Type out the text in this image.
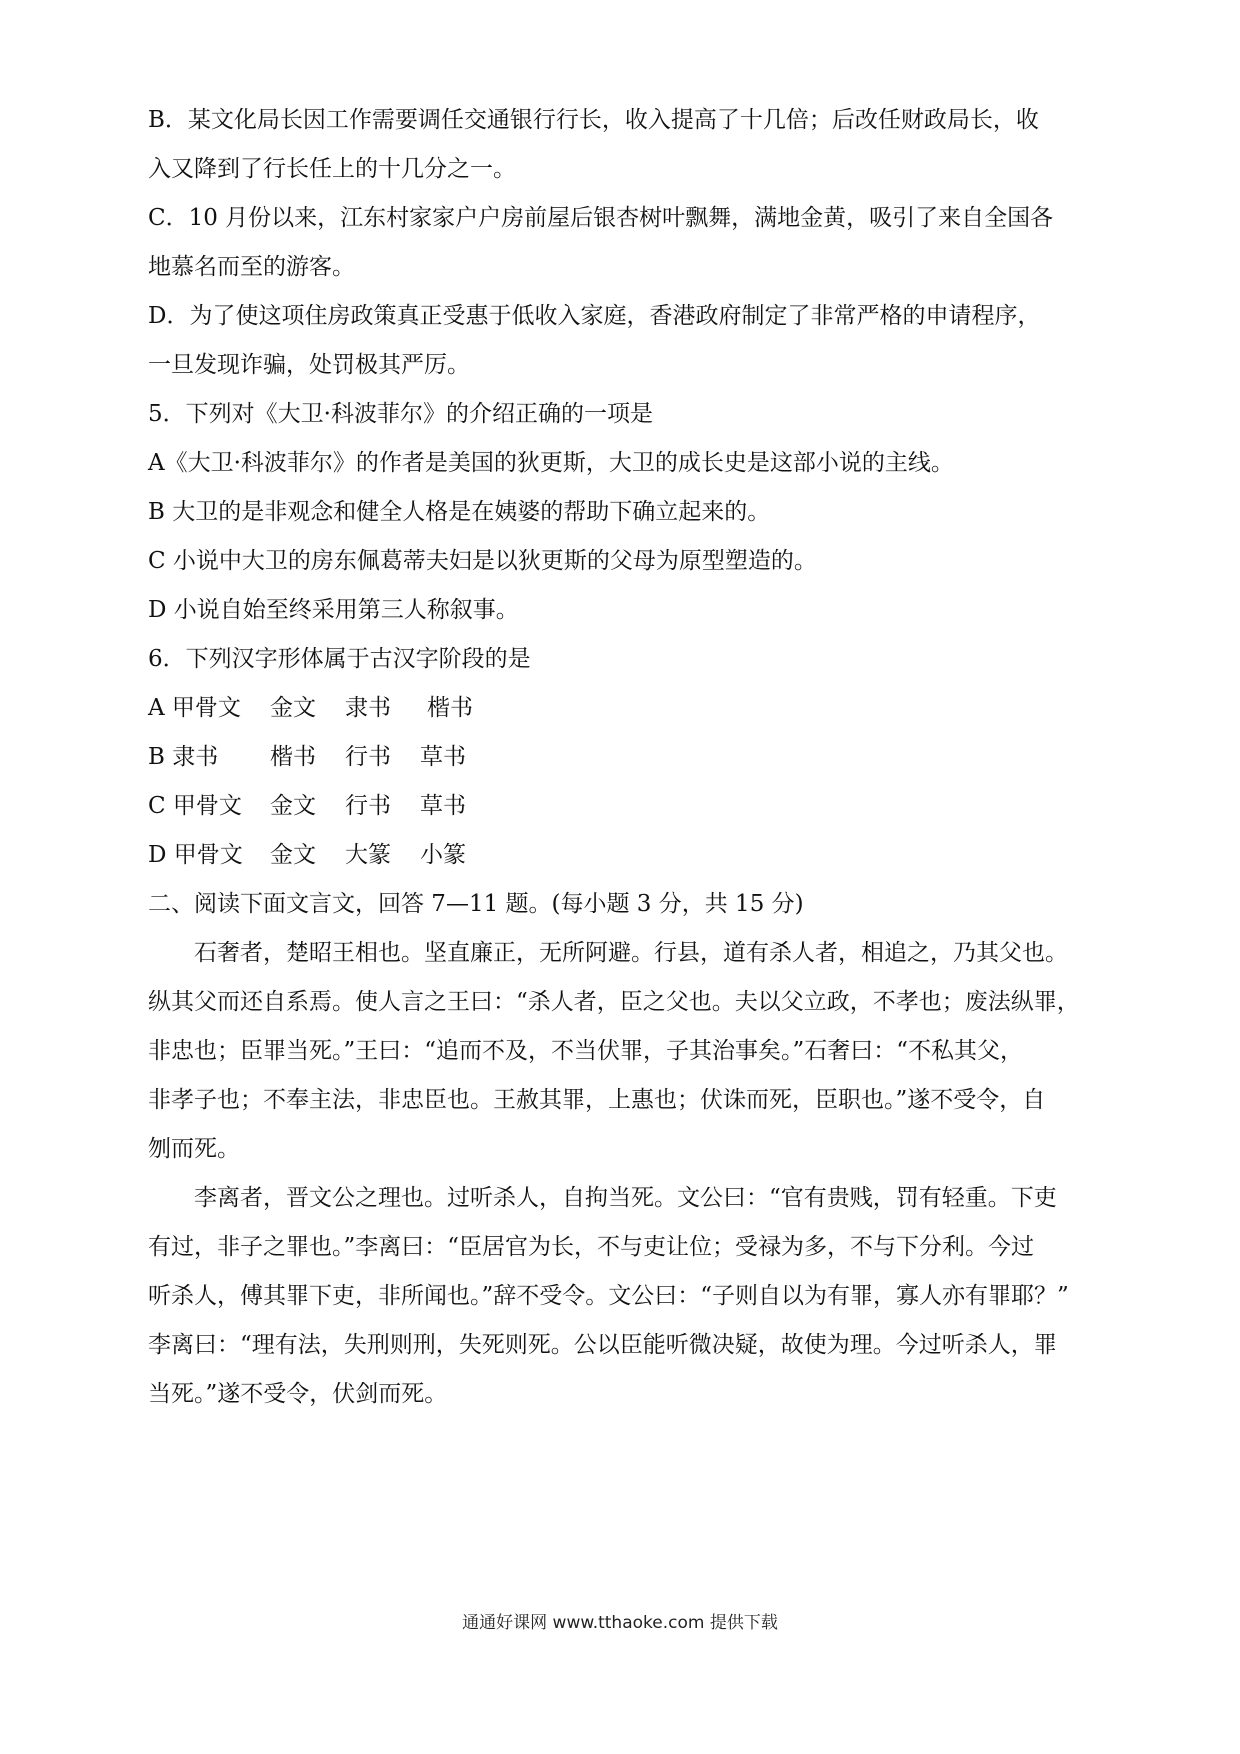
B．某文化局长因工作需要调任交通银行行长，收入提高了十几倍；后改任财政局长，收
入又降到了行长任上的十几分之一。
C．10 月份以来，江东村家家户户房前屋后银杏树叶飘舞，满地金黄，吸引了来自全国各
地慕名而至的游客。
D．为了使这项住房政策真正受惠于低收入家庭，香港政府制定了非常严格的申请程序，
一旦发现诈骗，处罚极其严厉。
5．下列对《大卫·科波菲尔》的介绍正确的一项是
A《大卫·科波菲尔》的作者是美国的狄更斯，大卫的成长史是这部小说的主线。
B 大卫的是非观念和健全人格是在姨婆的帮助下确立起来的。
C 小说中大卫的房东佩葛蒂夫妇是以狄更斯的父母为原型塑造的。
D 小说自始至终采用第三人称叙事。
6．下列汉字形体属于古汉字阶段的是
A 甲骨文 金文 隶书 楷书
B 隶书 楷书 行书 草书
C 甲骨文 金文 行书 草书
D 甲骨文 金文 大篆 小篆
二、阅读下面文言文，回答 7—11 题。(每小题 3 分，共 15 分)
石奢者，楚昭王相也。坚直廉正，无所阿避。行县，道有杀人者，相追之，乃其父也。
纵其父而还自系焉。使人言之王曰：“杀人者，臣之父也。夫以父立政，不孝也；废法纵罪，
非忠也；臣罪当死。”王曰：“追而不及，不当伏罪，子其治事矣。”石奢曰：“不私其父，
非孝子也；不奉主法，非忠臣也。王赦其罪，上惠也；伏诛而死，臣职也。”遂不受令，自
刎而死。
李离者，晋文公之理也。过听杀人，自拘当死。文公曰：“官有贵贱，罚有轻重。下吏
有过，非子之罪也。”李离曰：“臣居官为长，不与吏让位；受禄为多，不与下分利。今过
听杀人，傅其罪下吏，非所闻也。”辞不受令。文公曰：“子则自以为有罪，寡人亦有罪耶？”
李离曰：“理有法，失刑则刑，失死则死。公以臣能听微决疑，故使为理。今过听杀人，罪
当死。”遂不受令，伏剑而死。
通通好课网 www.tthaoke.com 提供下载
